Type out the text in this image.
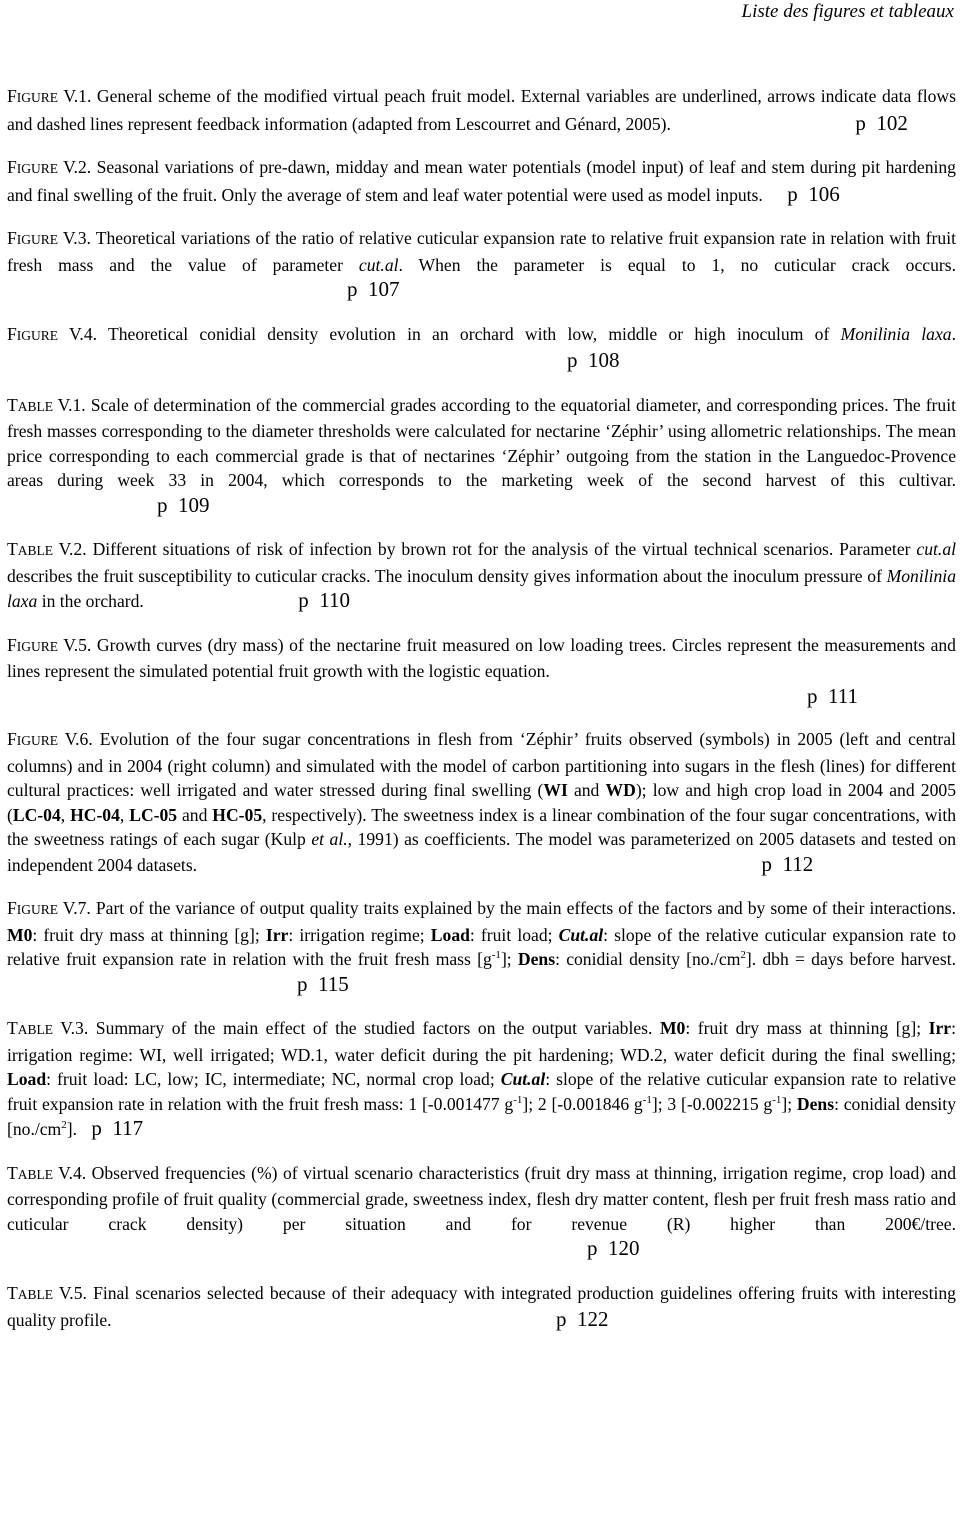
Liste des figures et tableaux
FIGURE V.1. General scheme of the modified virtual peach fruit model. External variables are underlined, arrows indicate data flows and dashed lines represent feedback information (adapted from Lescourret and Génard, 2005).	p 102
FIGURE V.2. Seasonal variations of pre-dawn, midday and mean water potentials (model input) of leaf and stem during pit hardening and final swelling of the fruit. Only the average of stem and leaf water potential were used as model inputs. p 106
FIGURE V.3. Theoretical variations of the ratio of relative cuticular expansion rate to relative fruit expansion rate in relation with fruit fresh mass and the value of parameter cut.al. When the parameter is equal to 1, no cuticular crack occurs. p 107
FIGURE V.4. Theoretical conidial density evolution in an orchard with low, middle or high inoculum of Monilinia laxa. p 108
TABLE V.1. Scale of determination of the commercial grades according to the equatorial diameter, and corresponding prices. The fruit fresh masses corresponding to the diameter thresholds were calculated for nectarine ‘Zéphir’ using allometric relationships. The mean price corresponding to each commercial grade is that of nectarines ‘Zéphir’ outgoing from the station in the Languedoc-Provence areas during week 33 in 2004, which corresponds to the marketing week of the second harvest of this cultivar. p 109
TABLE V.2. Different situations of risk of infection by brown rot for the analysis of the virtual technical scenarios. Parameter cut.al describes the fruit susceptibility to cuticular cracks. The inoculum density gives information about the inoculum pressure of Monilinia laxa in the orchard.	p 110
FIGURE V.5. Growth curves (dry mass) of the nectarine fruit measured on low loading trees. Circles represent the measurements and lines represent the simulated potential fruit growth with the logistic equation.
p 111
FIGURE V.6. Evolution of the four sugar concentrations in flesh from ‘Zéphir’ fruits observed (symbols) in 2005 (left and central columns) and in 2004 (right column) and simulated with the model of carbon partitioning into sugars in the flesh (lines) for different cultural practices: well irrigated and water stressed during final swelling (WI and WD); low and high crop load in 2004 and 2005 (LC-04, HC-04, LC-05 and HC-05, respectively). The sweetness index is a linear combination of the four sugar concentrations, with the sweetness ratings of each sugar (Kulp et al., 1991) as coefficients. The model was parameterized on 2005 datasets and tested on independent 2004 datasets.	p 112
FIGURE V.7. Part of the variance of output quality traits explained by the main effects of the factors and by some of their interactions. M0: fruit dry mass at thinning [g]; Irr: irrigation regime; Load: fruit load; Cut.al: slope of the relative cuticular expansion rate to relative fruit expansion rate in relation with the fruit fresh mass $[g^{-1}]$; Dens: conidial density $[no./cm^2]$. dbh = days before harvest. p 115
TABLE V.3. Summary of the main effect of the studied factors on the output variables. M0: fruit dry mass at thinning [g]; Irr: irrigation regime: WI, well irrigated; WD.1, water deficit during the pit hardening; WD.2, water deficit during the final swelling; Load: fruit load: LC, low; IC, intermediate; NC, normal crop load; Cut.al: slope of the relative cuticular expansion rate to relative fruit expansion rate in relation with the fruit fresh mass: 1 [-0.001477 $g^{-1}$]; 2 [-0.001846 $g^{-1}$]; 3 [-0.002215 $g^{-1}$]; Dens: conidial density $[no./cm^2]$. p 117
TABLE V.4. Observed frequencies (%) of virtual scenario characteristics (fruit dry mass at thinning, irrigation regime, crop load) and corresponding profile of fruit quality (commercial grade, sweetness index, flesh dry matter content, flesh per fruit fresh mass ratio and cuticular crack density) per situation and for revenue (R) higher than 200€/tree. p 120
TABLE V.5. Final scenarios selected because of their adequacy with integrated production guidelines offering fruits with interesting quality profile.	p 122
